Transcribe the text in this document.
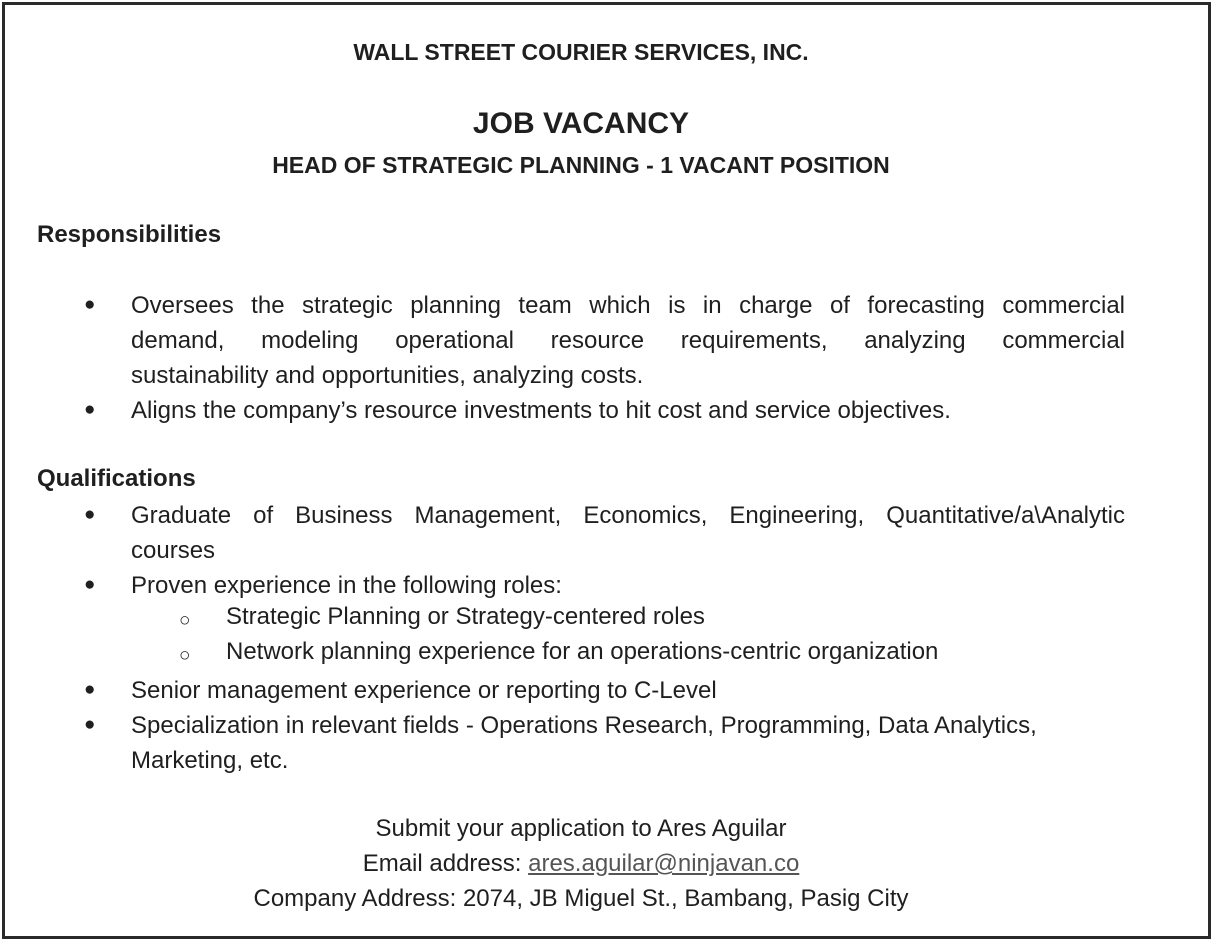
WALL STREET COURIER SERVICES, INC.
JOB VACANCY
HEAD OF STRATEGIC PLANNING - 1 VACANT POSITION
Responsibilities
● Oversees the strategic planning team which is in charge of forecasting commercial
demand, modeling operational resource requirements, analyzing commercial
sustainability and opportunities, analyzing costs.
● Aligns the company’s resource investments to hit cost and service objectives.
Qualifications
● Graduate of Business Management, Economics, Engineering, Quantitative/a\Analytic
courses
● Proven experience in the following roles:
○ Strategic Planning or Strategy-centered roles
○ Network planning experience for an operations-centric organization
● Senior management experience or reporting to C-Level
● Specialization in relevant fields - Operations Research, Programming, Data Analytics,
Marketing, etc.
Submit your application to Ares Aguilar
Email address: ares.aguilar@ninjavan.co
Company Address: 2074, JB Miguel St., Bambang, Pasig City
